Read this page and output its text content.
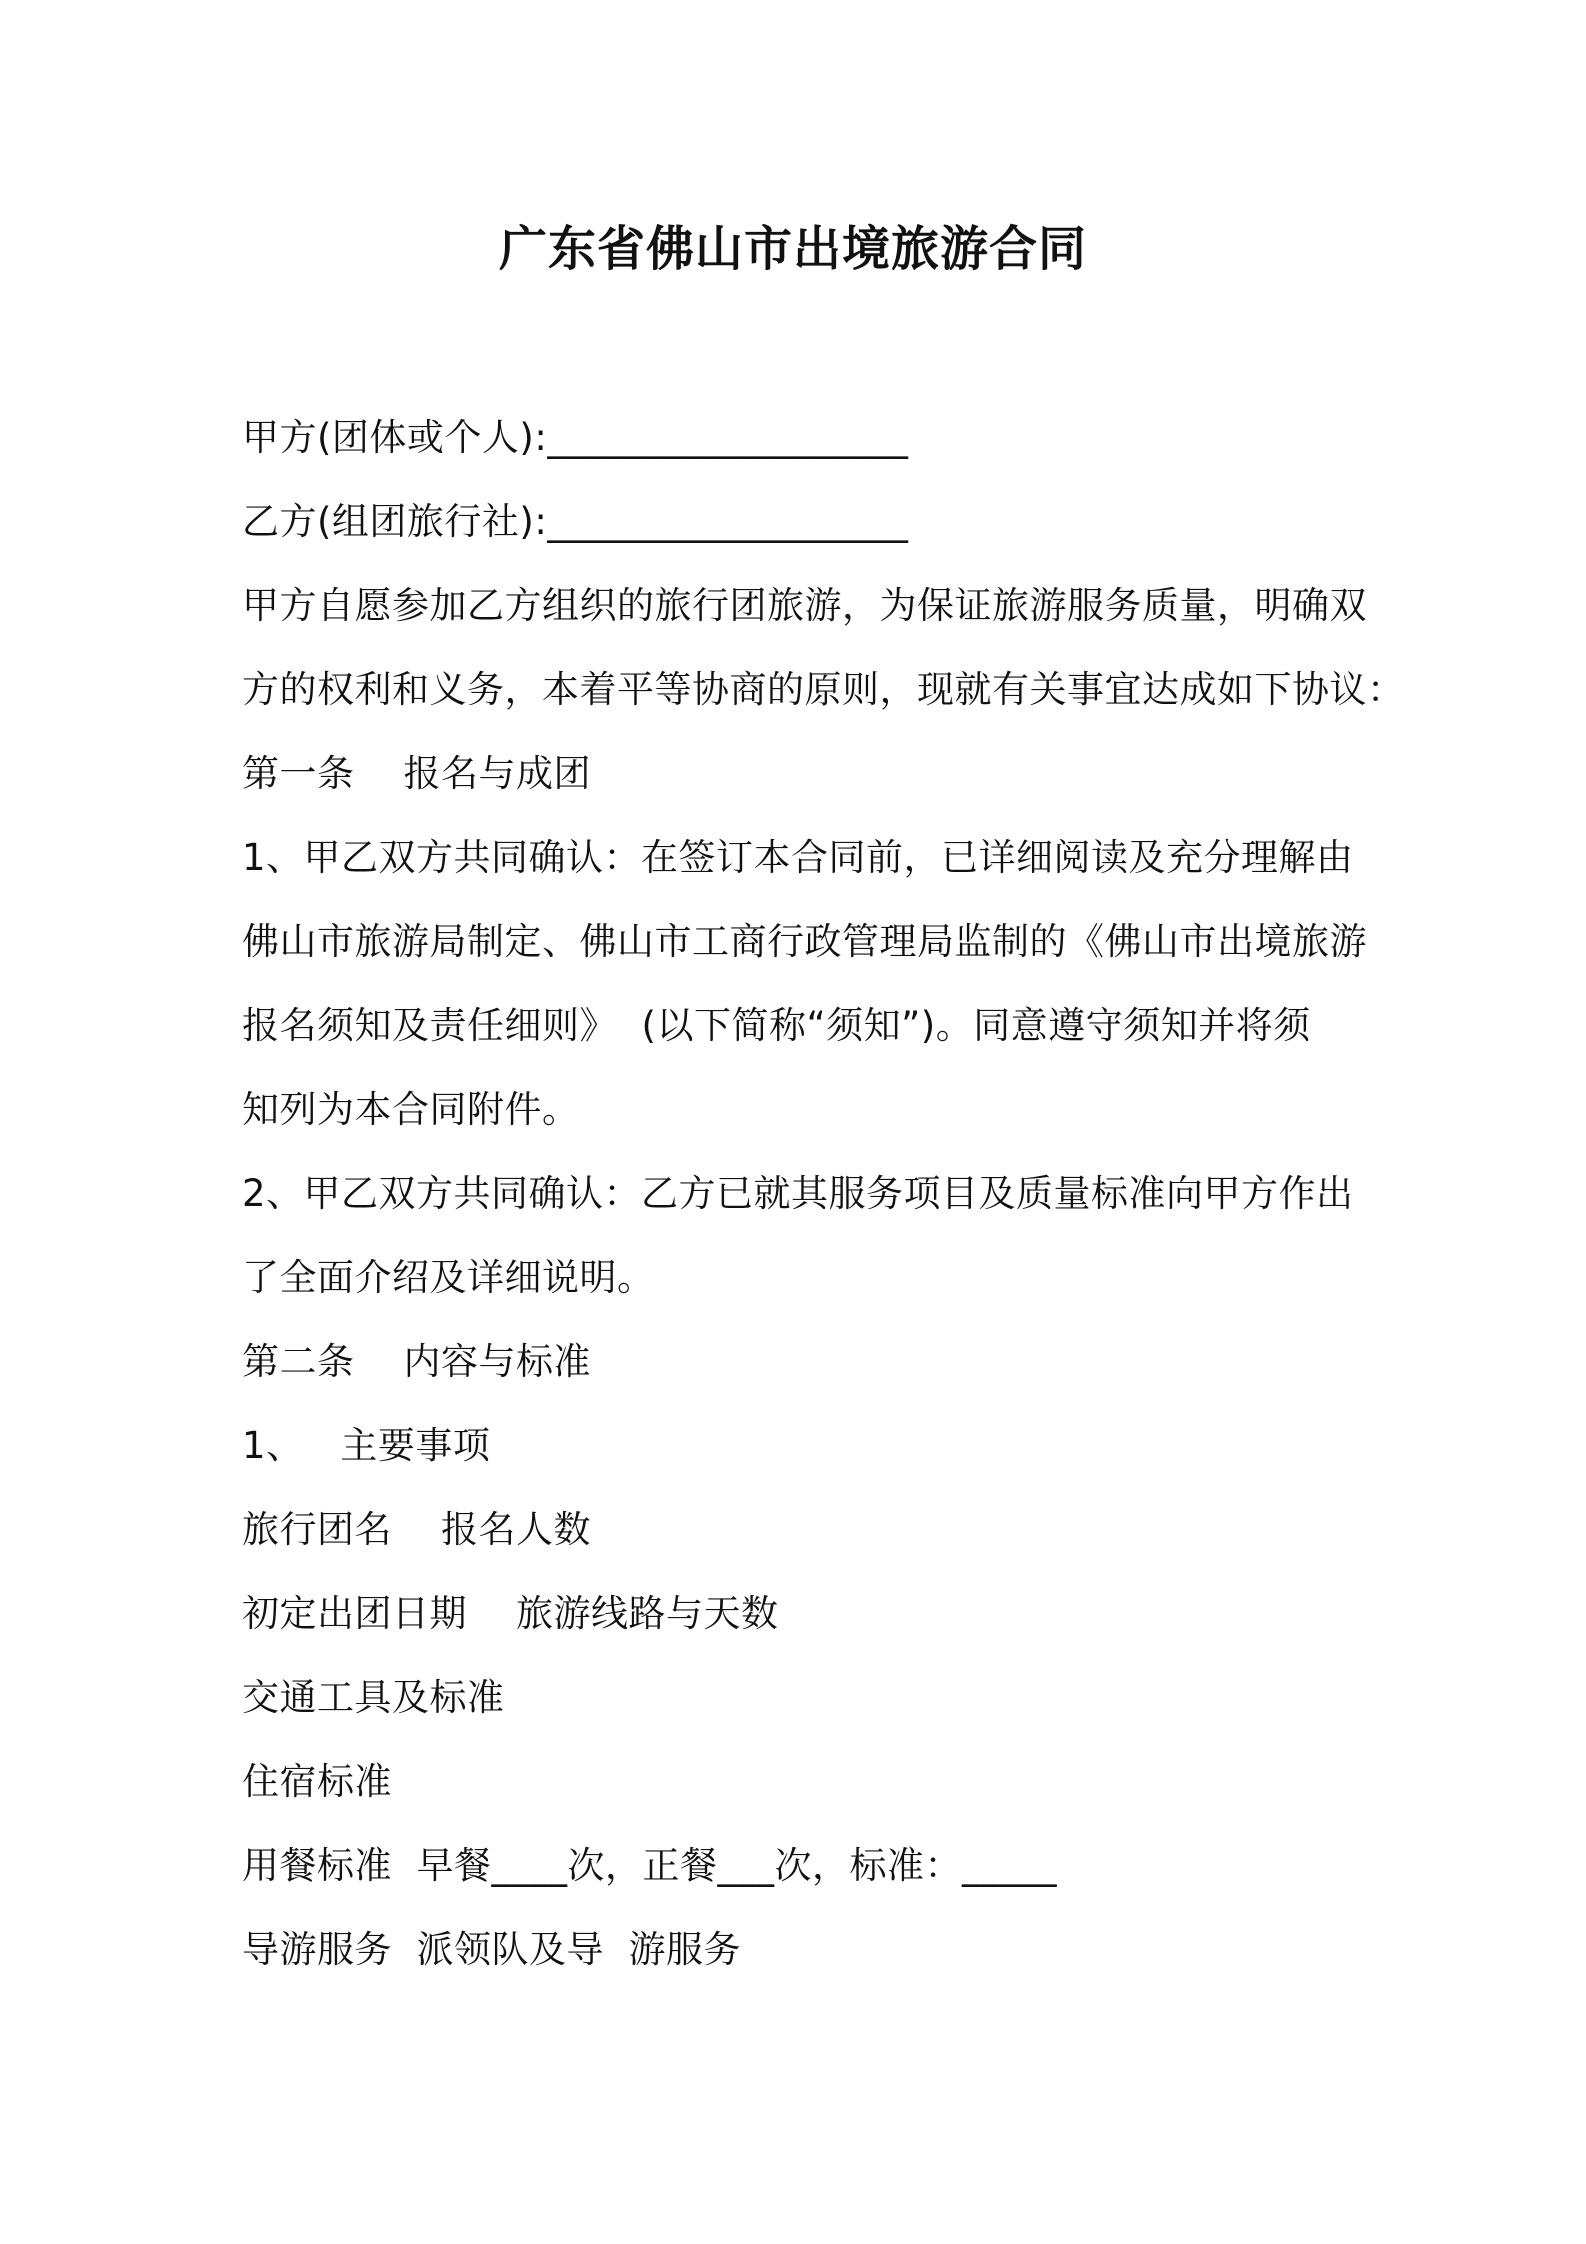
广东省佛山市出境旅游合同
甲方(团体或个人):___________________
乙方(组团旅行社):___________________
甲方自愿参加乙方组织的旅行团旅游，为保证旅游服务质量，明确双
方的权利和义务，本着平等协商的原则，现就有关事宜达成如下协议：
第一条    报名与成团
1、甲乙双方共同确认：在签订本合同前，已详细阅读及充分理解由
佛山市旅游局制定、佛山市工商行政管理局监制的《佛山市出境旅游
报名须知及责任细则》  (以下简称“须知”)。同意遵守须知并将须
知列为本合同附件。
2、甲乙双方共同确认：乙方已就其服务项目及质量标准向甲方作出
了全面介绍及详细说明。
第二条    内容与标准
1、   主要事项
旅行团名    报名人数
初定出团日期    旅游线路与天数
交通工具及标准
住宿标准
用餐标准  早餐____次，正餐___次，标准：_____
导游服务  派领队及导  游服务
